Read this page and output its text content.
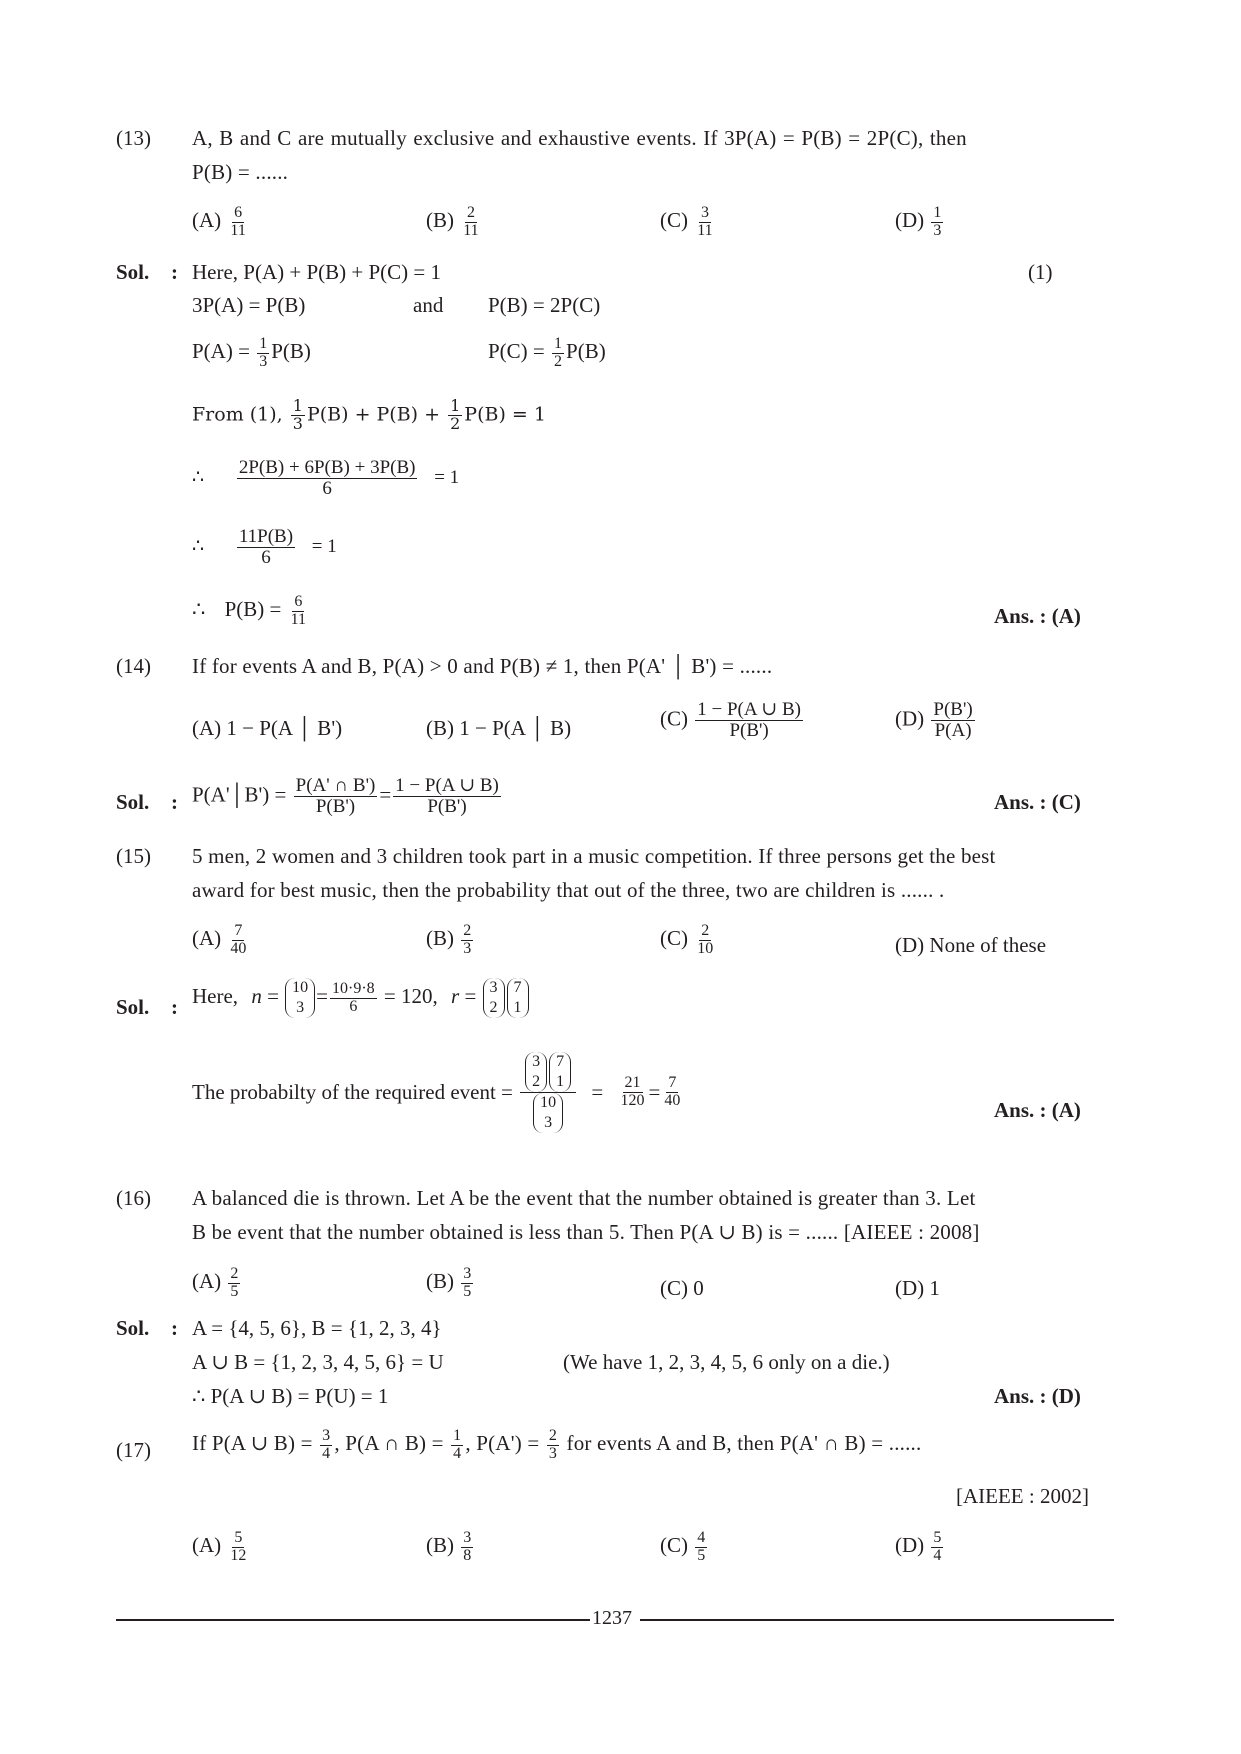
(13) A, B and C are mutually exclusive and exhaustive events. If 3P(A) = P(B) = 2P(C), then
P(B) = ......
$(A) \frac{6}{11}$	$(B) \frac{2}{11}$	$(C) \frac{3}{11}$	$(D) \frac{1}{3}$
Sol. : Here, P(A) + P(B) + P(C) = 1	(1)
3P(A) = P(B)	and P(B) = 2P(C)
$P(A) = \frac{1}{3} P(B)$	$P(C) = \frac{1}{2} P(B)$
From (1), $\frac{1}{3} P(B) + P(B) + \frac{1}{2} P(B) = 1$
∴ $\frac{2P(B) + 6P(B) + 3P(B)}{6} = 1$
∴ $\frac{11P(B)}{6} = 1$
∴ $P(B) = \frac{6}{11}$	Ans. : (A)
(14) If for events A and B, P(A) > 0 and P(B) ≠ 1, then P(A' │ B') = ......
(A) 1 − P(A │ B')	(B) 1 − P(A │ B)	$(C) \frac{1 - P(A \cup B)}{P(B')}$	$(D) \frac{P(B')}{P(A)}$
Sol. : P(A'│B') = $\frac{P(A' \cap B')}{P(B')} = \frac{1 - P(A \cup B)}{P(B')}$	Ans. : (C)
(15) 5 men, 2 women and 3 children took part in a music competition. If three persons get the best
award for best music, then the probability that out of the three, two are children is ...... .
$(A) \frac{7}{40}$	$(B) \frac{2}{3}$	$(C) \frac{2}{10}$	(D) None of these
Sol. : Here, n = 10
$3 = \frac{10\cdot 9\cdot 8}{6} = 120$, r = 3
2
7
1
The probabilty of the required event = 3
2
7
1
10
$3 = \frac{21}{120} = \frac{7}{40}$
Ans. : (A)
(16) A balanced die is thrown. Let A be the event that the number obtained is greater than 3. Let
B be event that the number obtained is less than 5. Then P(A ∪ B) is = ...... [AIEEE : 2008]
$(A) \frac{2}{5}$	$(B) \frac{3}{5}$	(C) 0	(D) 1
Sol. : A = {4, 5, 6}, B = {1, 2, 3, 4}
A ∪ B = {1, 2, 3, 4, 5, 6} = U	(We have 1, 2, 3, 4, 5, 6 only on a die.)
∴ P(A ∪ B) = P(U) = 1	Ans. : (D)
(17) If P(A ∪ $B) = \frac{3}{4}$ , P(A ∩ $B) = \frac{1}{4}$ , $P(A') = \frac{2}{3}$ for events A and B, then P(A' ∩ B) = ......
[AIEEE : 2002]
$(A) \frac{5}{12}$	$(B) \frac{3}{8}$	$(C) \frac{4}{5}$	$(D) \frac{5}{4}$
1237
